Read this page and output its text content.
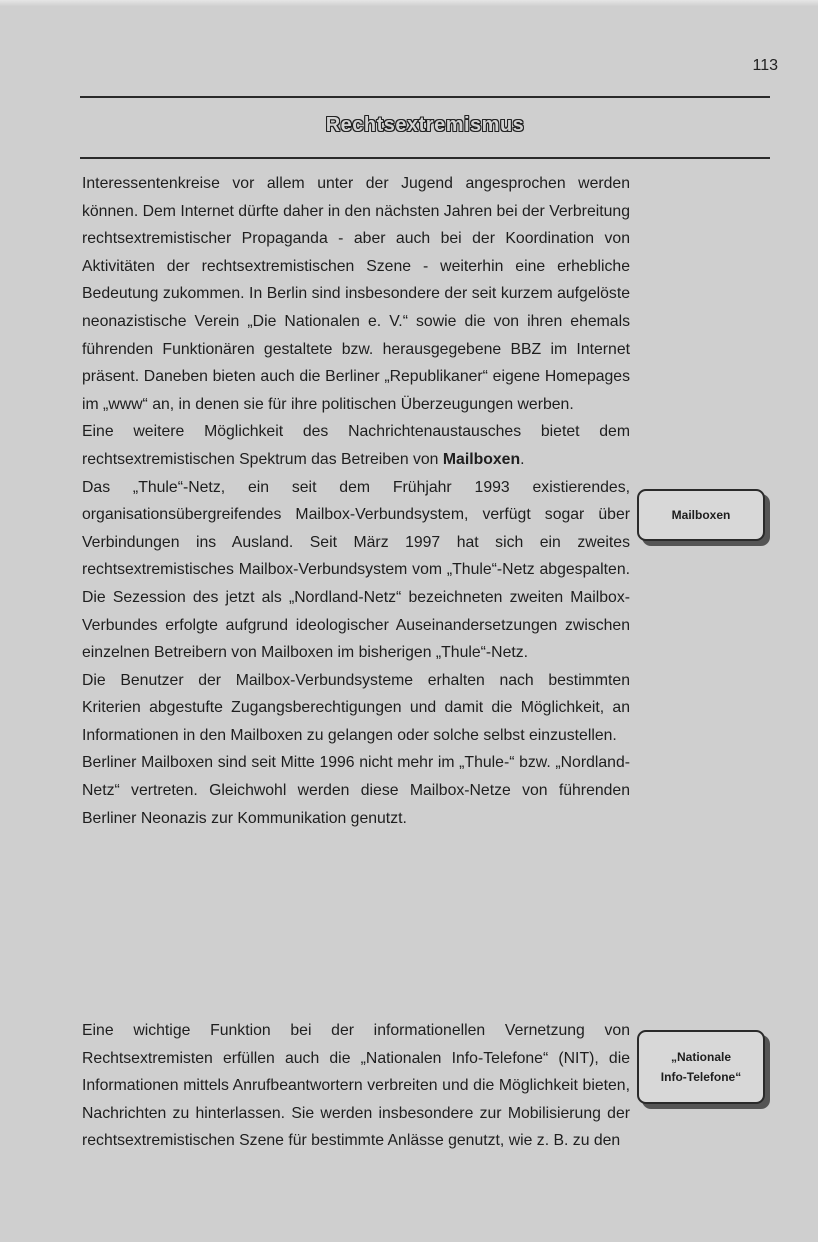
113
Rechtsextremismus

Interessentenkreise vor allem unter der Jugend angesprochen werden können. Dem Internet dürfte daher in den nächsten Jahren bei der Verbreitung rechtsextremistischer Propaganda - aber auch bei der Koordination von Aktivitäten der rechtsextremistischen Szene - weiterhin eine erhebliche Bedeutung zukommen. In Berlin sind insbesondere der seit kurzem aufgelöste neonazistische Verein „Die Nationalen e. V.“ sowie die von ihren ehemals führenden Funktionären gestaltete bzw. herausgegebene BBZ im Internet präsent. Daneben bieten auch die Berliner „Republikaner“ eigene Homepages im „www“ an, in denen sie für ihre politischen Überzeugungen werben.

Eine weitere Möglichkeit des Nachrichtenaustausches bietet dem rechtsextremistischen Spektrum das Betreiben von Mailboxen.

Das „Thule“-Netz, ein seit dem Frühjahr 1993 existierendes, organisationsübergreifendes Mailbox-Verbundsystem, verfügt sogar über Verbindungen ins Ausland. Seit März 1997 hat sich ein zweites rechtsextremistisches Mailbox-Verbundsystem vom „Thule“-Netz abgespalten. Die Sezession des jetzt als „Nordland-Netz“ bezeichneten zweiten Mailbox-Verbundes erfolgte aufgrund ideologischer Auseinandersetzungen zwischen einzelnen Betreibern von Mailboxen im bisherigen „Thule“-Netz.

Die Benutzer der Mailbox-Verbundsysteme erhalten nach bestimmten Kriterien abgestufte Zugangsberechtigungen und damit die Möglichkeit, an Informationen in den Mailboxen zu gelangen oder solche selbst einzustellen.

Berliner Mailboxen sind seit Mitte 1996 nicht mehr im „Thule-“ bzw. „Nordland-Netz“ vertreten. Gleichwohl werden diese Mailbox-Netze von führenden Berliner Neonazis zur Kommunikation genutzt.

Mailboxen

Eine wichtige Funktion bei der informationellen Vernetzung von Rechtsextremisten erfüllen auch die „Nationalen Info-Telefone“ (NIT), die Informationen mittels Anrufbeantwortern verbreiten und die Möglichkeit bieten, Nachrichten zu hinterlassen. Sie werden insbesondere zur Mobilisierung der rechtsextremistischen Szene für bestimmte Anlässe genutzt, wie z. B. zu den

„Nationale
Info-Telefone“
